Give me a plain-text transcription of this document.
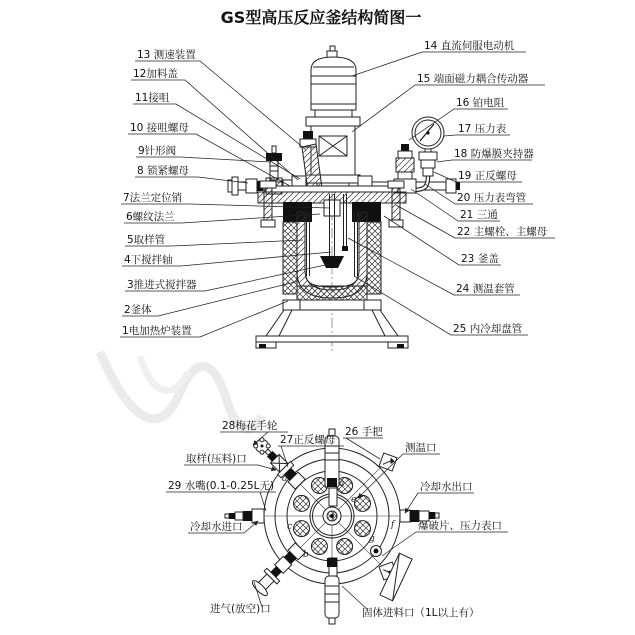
GS型高压反应釜结构简图一
13 测速装置
12加料盖
11接咀
10 接咀螺母
9针形阀
8 锁紧螺母
7法兰定位销
6螺纹法兰
5取样管
4下搅拌轴
3推进式搅拌器
2釜体
1电加热炉装置
14 直流伺服电动机
15 端面磁力耦合传动器
16 铂电阻
17 压力表
18 防爆膜夹持器
19 正反螺母
20 压力表弯管
21 三通
22 主螺栓、主螺母
23 釜盖
24 测温套管
25 内冷却盘管
a
b
c
d
e
f
g
28梅花手轮
27正反螺母
26 手把
取样(压料)口
测温口
29 水嘴(0.1-0.25L无)	冷却水出口
冷却水进口	爆破片、压力表口
进气(放空)口	固体进料口（1L以上有）
